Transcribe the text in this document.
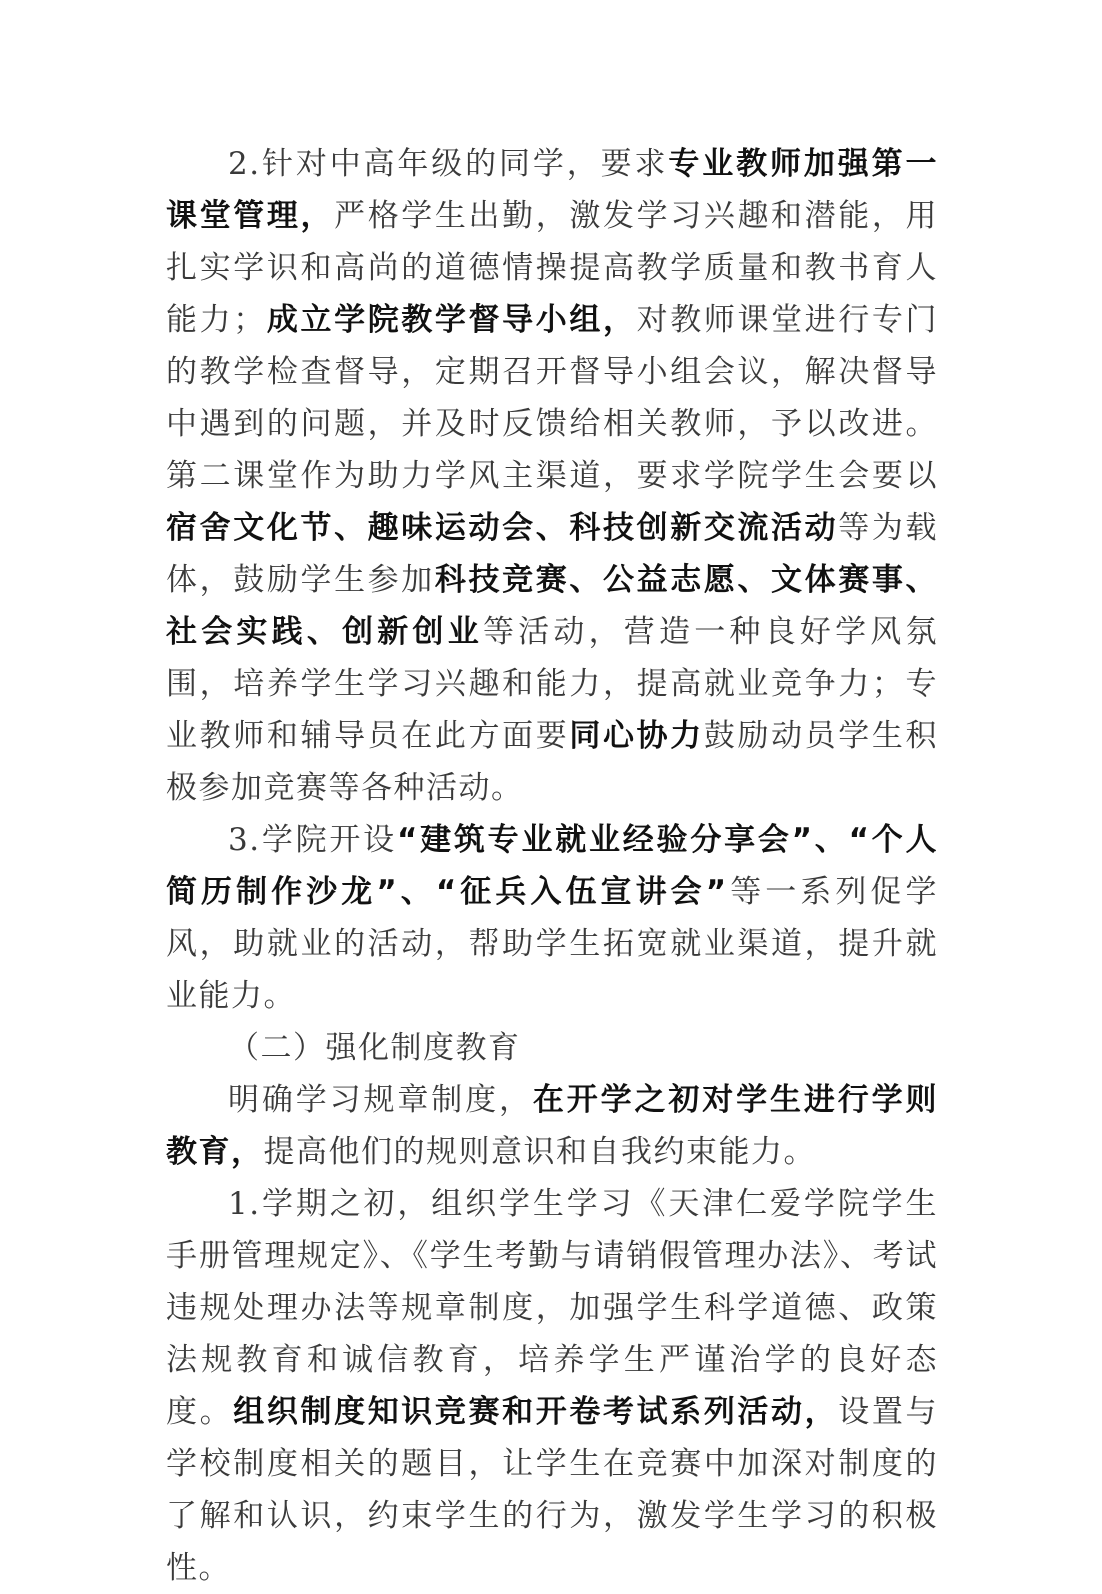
2.针对中高年级的同学，要求专业教师加强第一课堂管理，严格学生出勤，激发学习兴趣和潜能，用扎实学识和高尚的道德情操提高教学质量和教书育人能力；成立学院教学督导小组，对教师课堂进行专门的教学检查督导，定期召开督导小组会议，解决督导中遇到的问题，并及时反馈给相关教师，予以改进。第二课堂作为助力学风主渠道，要求学院学生会要以宿舍文化节、趣味运动会、科技创新交流活动等为载体，鼓励学生参加科技竞赛、公益志愿、文体赛事、社会实践、创新创业等活动，营造一种良好学风氛围，培养学生学习兴趣和能力，提高就业竞争力；专业教师和辅导员在此方面要同心协力鼓励动员学生积极参加竞赛等各种活动。

3.学院开设“建筑专业就业经验分享会”、“个人简历制作沙龙”、“征兵入伍宣讲会”等一系列促学风，助就业的活动，帮助学生拓宽就业渠道，提升就业能力。

（二）强化制度教育

明确学习规章制度，在开学之初对学生进行学则教育，提高他们的规则意识和自我约束能力。

1.学期之初，组织学生学习《天津仁爱学院学生手册管理规定》、《学生考勤与请销假管理办法》、考试违规处理办法等规章制度，加强学生科学道德、政策法规教育和诚信教育，培养学生严谨治学的良好态度。组织制度知识竞赛和开卷考试系列活动，设置与学校制度相关的题目，让学生在竞赛中加深对制度的了解和认识，约束学生的行为，激发学生学习的积极性。
